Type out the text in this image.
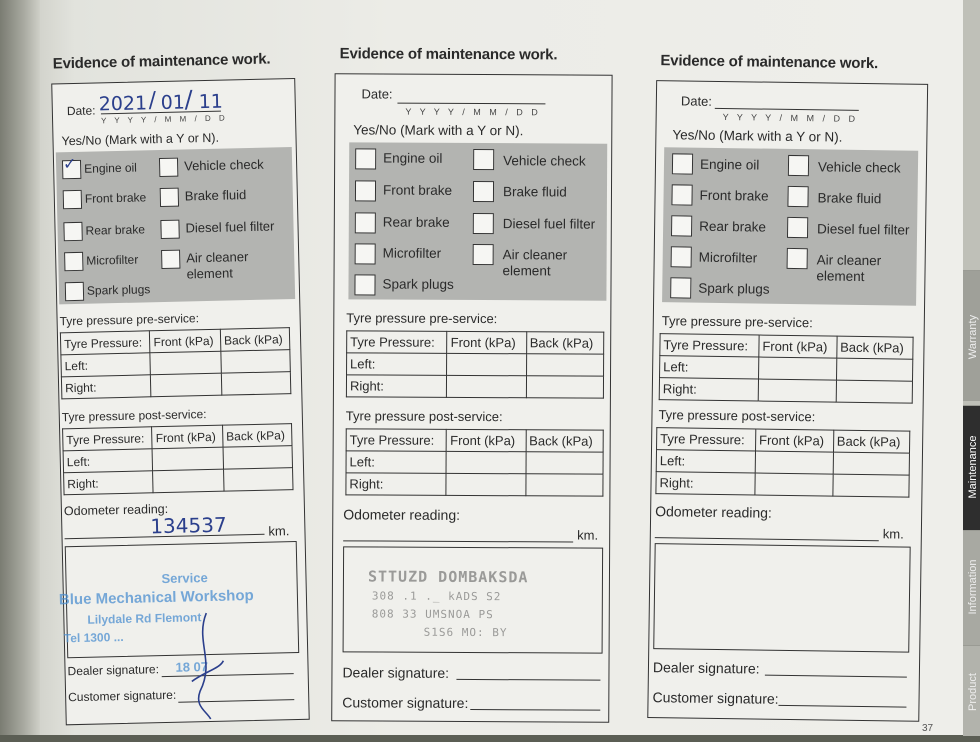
Warranty
Maintenance
Information
Product
37
Evidence of maintenance work.
Date: 2021 / 01 / 11
Y Y Y Y / M M / D D
Yes/No (Mark with a Y or N).
✓ Engine oil
Front brake
Rear brake
Microfilter
Spark plugs
Vehicle check
Brake fluid
Diesel fuel filter
Air cleaner element
Tyre pressure pre-service:
Tyre Pressure:	Front (kPa)	Back (kPa)
Left:		
Right:		
Tyre pressure post-service:
Tyre Pressure:	Front (kPa)	Back (kPa)
Left:		
Right:		
Odometer reading:
134537	km.
Service
Blue Mechanical Workshop
Lilydale Rd Flemont
Tel 1300 ...
Dealer signature: 18 07
Customer signature:
Evidence of maintenance work.
Date:
Y Y Y Y / M M / D D
Yes/No (Mark with a Y or N).
Engine oil
Front brake
Rear brake
Microfilter
Spark plugs
Vehicle check
Brake fluid
Diesel fuel filter
Air cleaner element
Tyre pressure pre-service:
Tyre Pressure:	Front (kPa)	Back (kPa)
Left:		
Right:		
Tyre pressure post-service:
Tyre Pressure:	Front (kPa)	Back (kPa)
Left:		
Right:		
Odometer reading:
km.
STTUZD DOMBAKSDA
308 .1 ._ kADS S2
808 33 UMSNOA PS
S1S6 MO: BY
Dealer signature:
Customer signature:
Evidence of maintenance work.
Date:
Y Y Y Y / M M / D D
Yes/No (Mark with a Y or N).
Engine oil
Front brake
Rear brake
Microfilter
Spark plugs
Vehicle check
Brake fluid
Diesel fuel filter
Air cleaner element
Tyre pressure pre-service:
Tyre Pressure:	Front (kPa)	Back (kPa)
Left:		
Right:		
Tyre pressure post-service:
Tyre Pressure:	Front (kPa)	Back (kPa)
Left:		
Right:		
Odometer reading:
km.
Dealer signature:
Customer signature:
